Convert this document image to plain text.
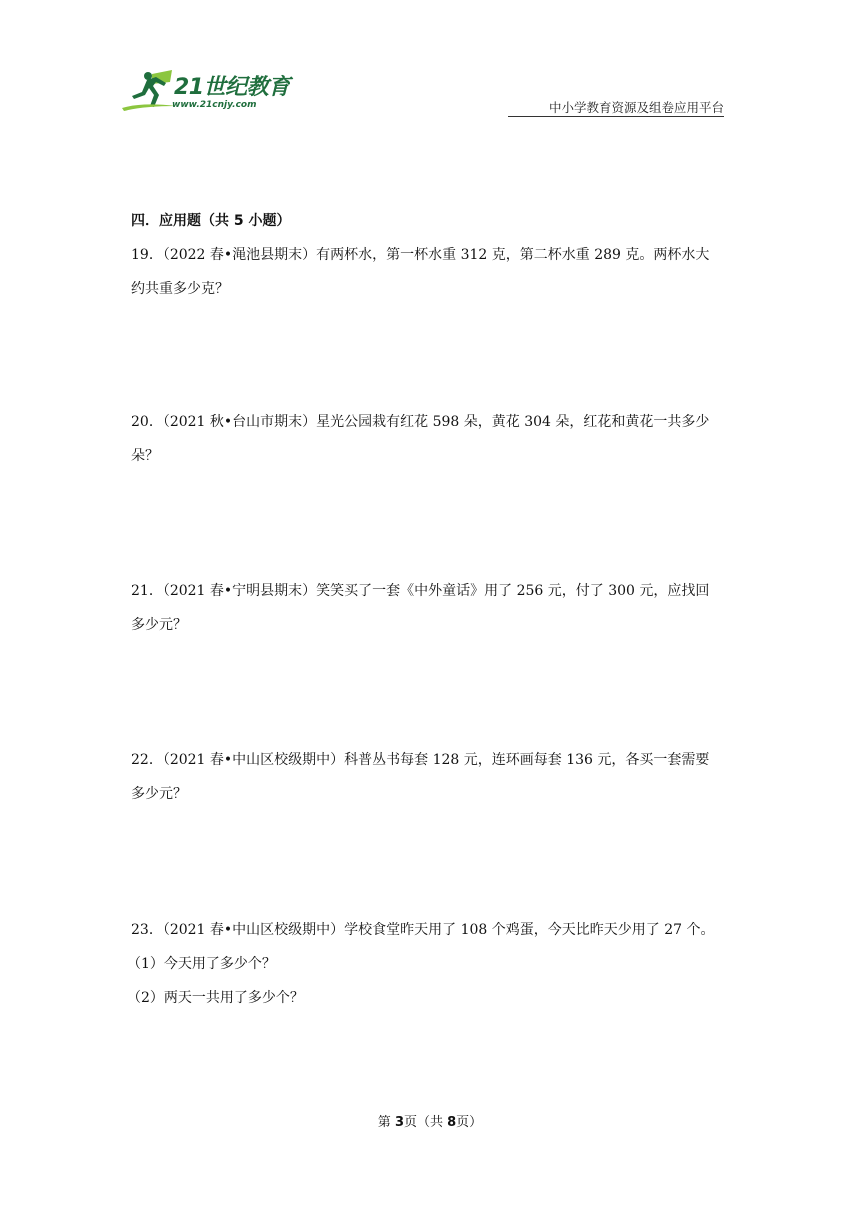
21世纪教育
www.21cnjy.com	中小学教育资源及组卷应用平台
四．应用题（共 5 小题）
19．（2022 春•渑池县期末）有两杯水，第一杯水重 312 克，第二杯水重 289 克。两杯水大
约共重多少克？
20．（2021 秋•台山市期末）星光公园栽有红花 598 朵，黄花 304 朵，红花和黄花一共多少
朵？
21．（2021 春•宁明县期末）笑笑买了一套《中外童话》用了 256 元，付了 300 元，应找回
多少元？
22．（2021 春•中山区校级期中）科普丛书每套 128 元，连环画每套 136 元，各买一套需要
多少元？
23．（2021 春•中山区校级期中）学校食堂昨天用了 108 个鸡蛋，今天比昨天少用了 27 个。
（1）今天用了多少个？
（2）两天一共用了多少个？
第 3页（共 8页）
